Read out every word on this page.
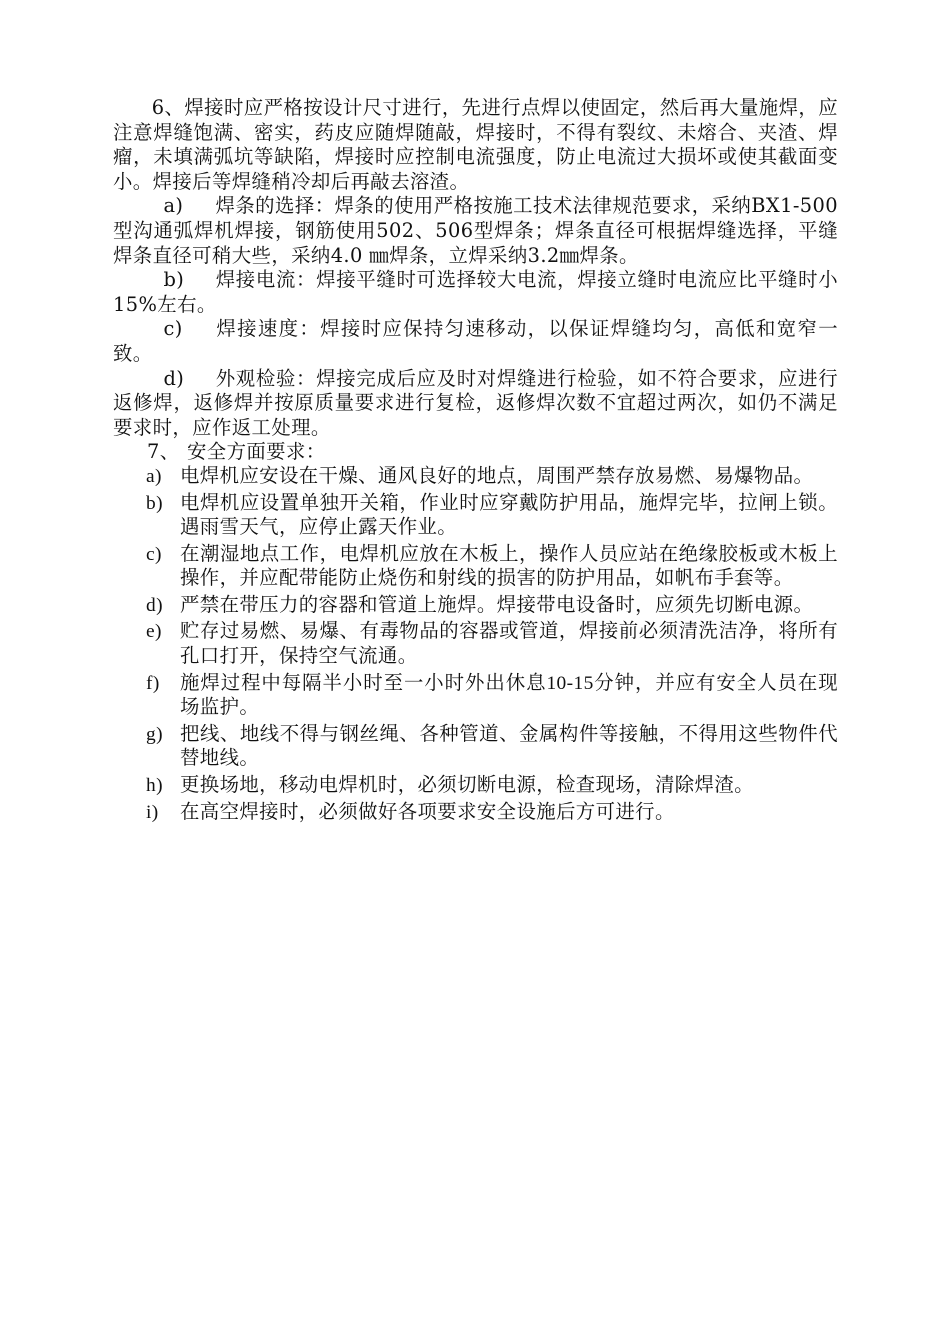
6、焊接时应严格按设计尺寸进行，先进行点焊以使固定，然后再大量施焊，应注意焊缝饱满、密实，药皮应随焊随敲，焊接时，不得有裂纹、未熔合、夹渣、焊瘤，未填满弧坑等缺陷，焊接时应控制电流强度，防止电流过大损坏或使其截面变小。焊接后等焊缝稍冷却后再敲去溶渣。

a) 焊条的选择：焊条的使用严格按施工技术法律规范要求，采纳BX1-500型沟通弧焊机焊接，钢筋使用502、506型焊条；焊条直径可根据焊缝选择，平缝焊条直径可稍大些，采纳4.0 ㎜焊条，立焊采纳3.2㎜焊条。

b) 焊接电流：焊接平缝时可选择较大电流，焊接立缝时电流应比平缝时小15%左右。

c) 焊接速度：焊接时应保持匀速移动，以保证焊缝均匀，高低和宽窄一致。

d) 外观检验：焊接完成后应及时对焊缝进行检验，如不符合要求，应进行返修焊，返修焊并按原质量要求进行复检，返修焊次数不宜超过两次，如仍不满足要求时，应作返工处理。

7、 安全方面要求：

a) 电焊机应安设在干燥、通风良好的地点，周围严禁存放易燃、易爆物品。
b) 电焊机应设置单独开关箱，作业时应穿戴防护用品，施焊完毕，拉闸上锁。遇雨雪天气，应停止露天作业。
c) 在潮湿地点工作，电焊机应放在木板上，操作人员应站在绝缘胶板或木板上操作，并应配带能防止烧伤和射线的损害的防护用品，如帆布手套等。
d) 严禁在带压力的容器和管道上施焊。焊接带电设备时，应须先切断电源。
e) 贮存过易燃、易爆、有毒物品的容器或管道，焊接前必须清洗洁净，将所有孔口打开，保持空气流通。
f) 施焊过程中每隔半小时至一小时外出休息10-15分钟，并应有安全人员在现场监护。
g) 把线、地线不得与钢丝绳、各种管道、金属构件等接触，不得用这些物件代替地线。
h) 更换场地，移动电焊机时，必须切断电源，检查现场，清除焊渣。
i) 在高空焊接时，必须做好各项要求安全设施后方可进行。
